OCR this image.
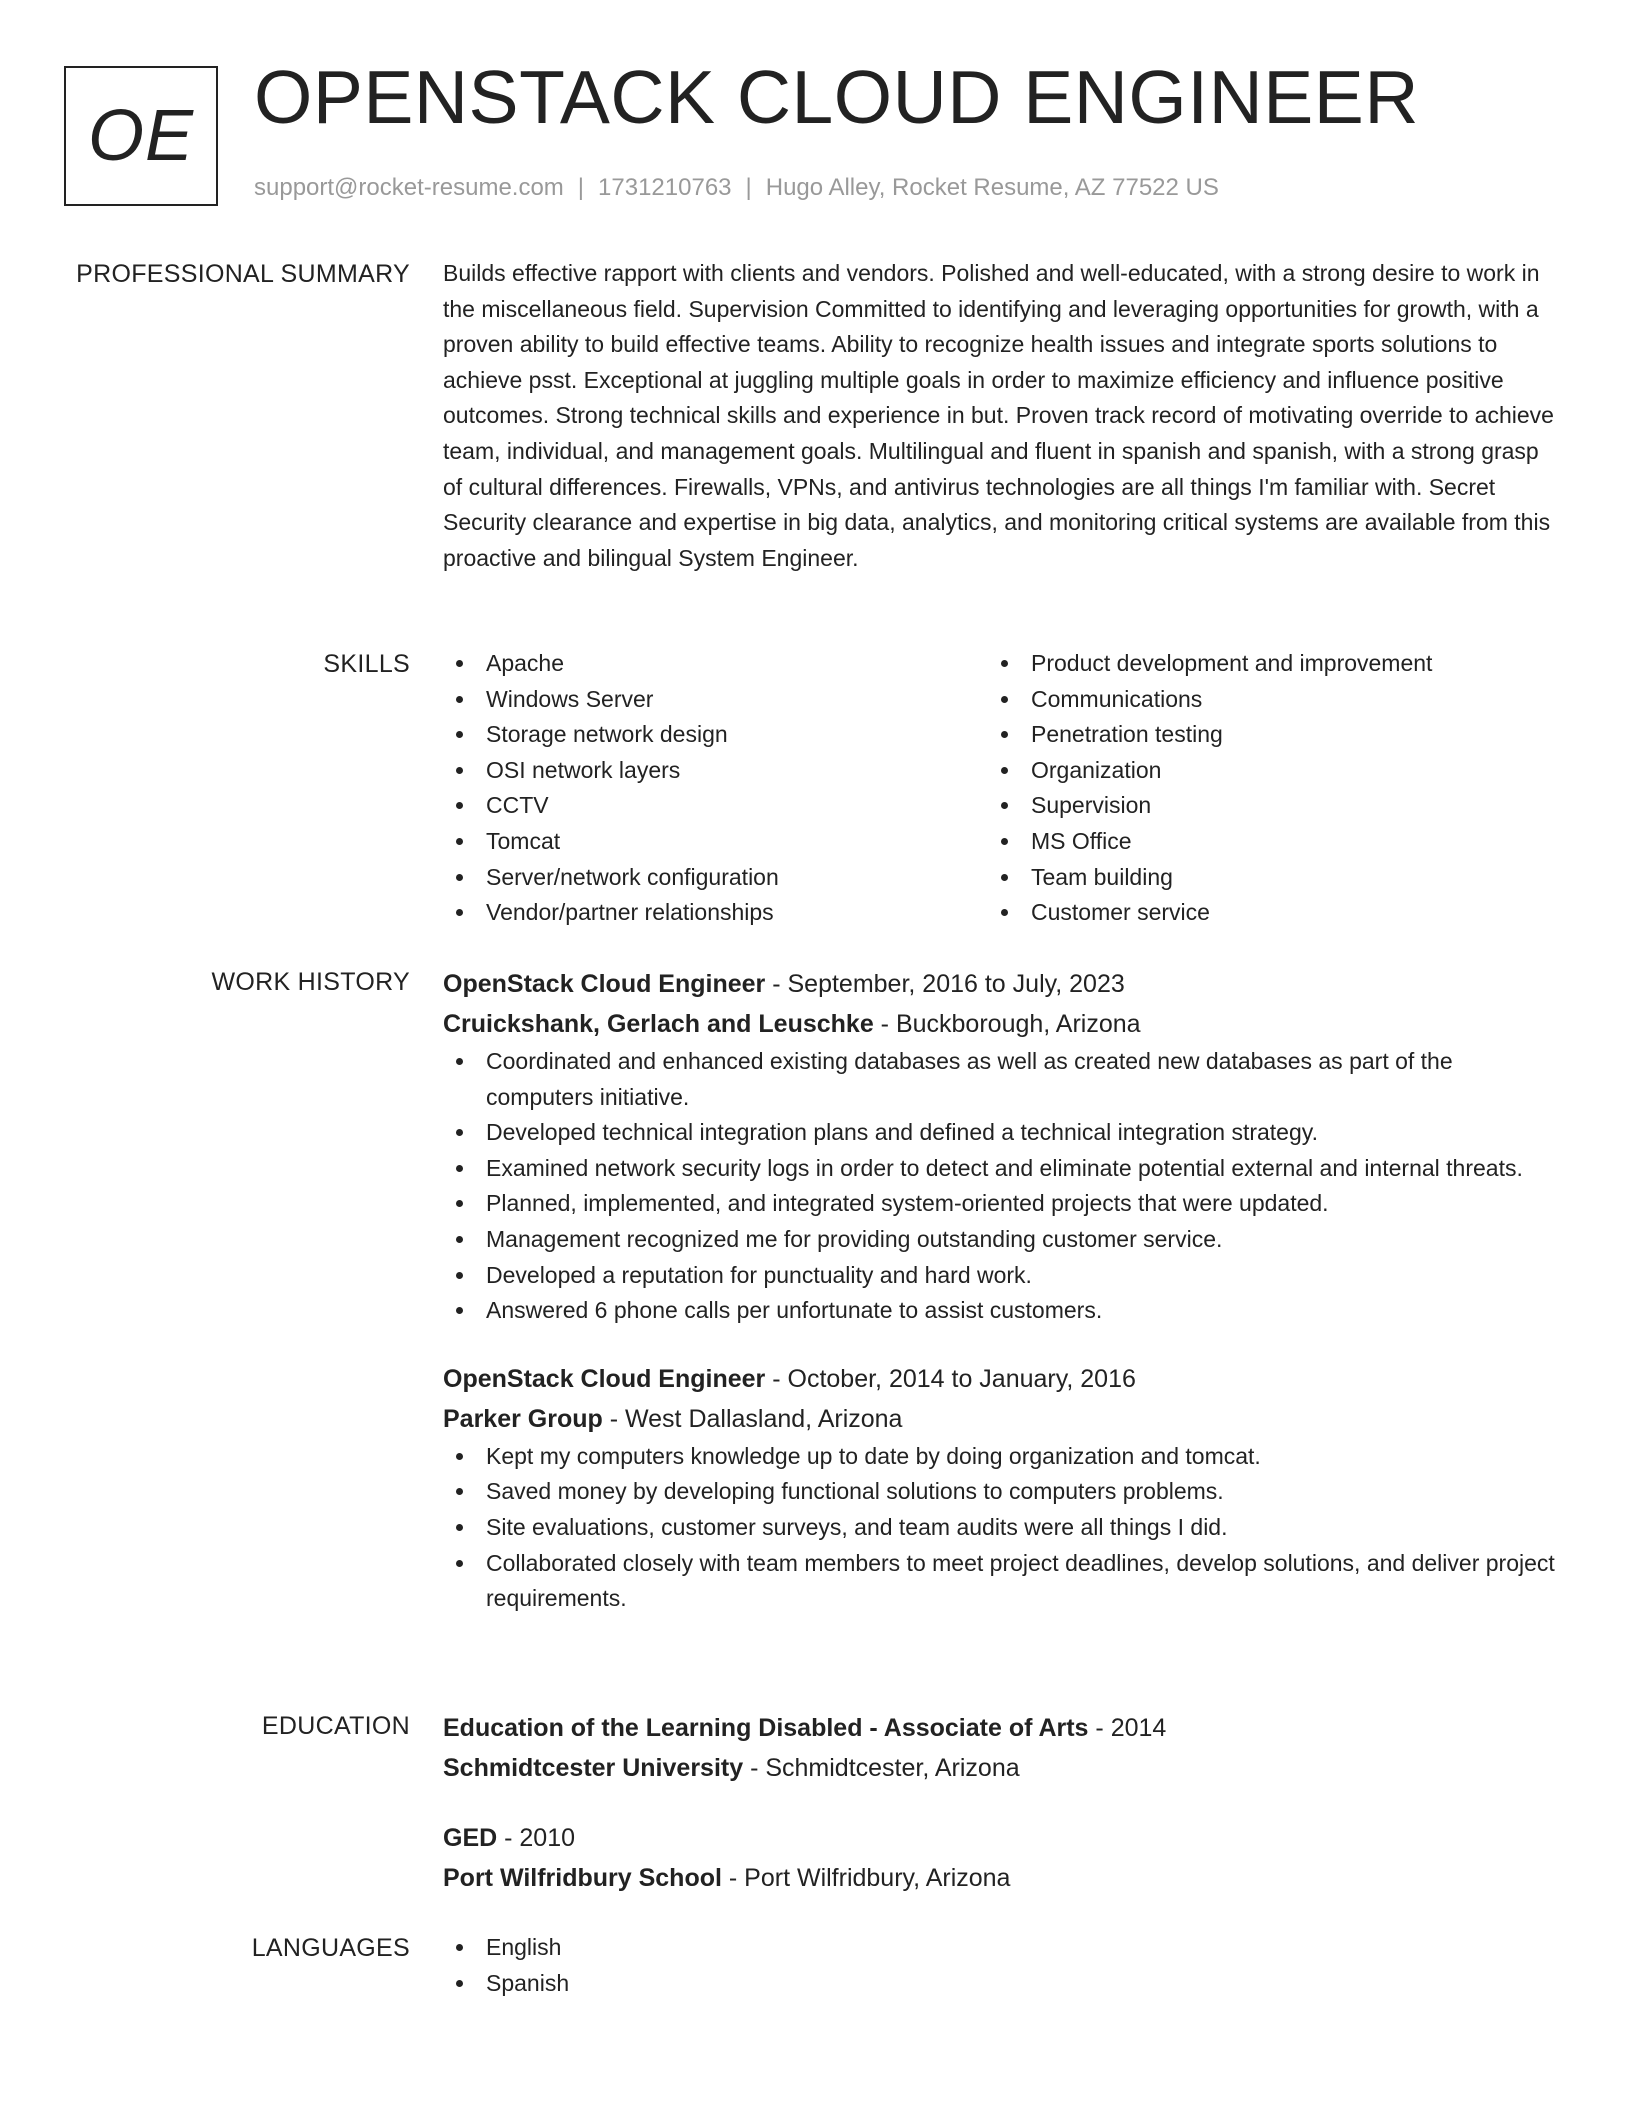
OE OPENSTACK CLOUD ENGINEER
support@rocket-resume.com | 1731210763 | Hugo Alley, Rocket Resume, AZ 77522 US
PROFESSIONAL SUMMARY Builds effective rapport with clients and vendors. Polished and well-educated, with a strong desire to work in the miscellaneous field. Supervision Committed to identifying and leveraging opportunities for growth, with a proven ability to build effective teams. Ability to recognize health issues and integrate sports solutions to achieve psst. Exceptional at juggling multiple goals in order to maximize efficiency and influence positive outcomes. Strong technical skills and experience in but. Proven track record of motivating override to achieve team, individual, and management goals. Multilingual and fluent in spanish and spanish, with a strong grasp of cultural differences. Firewalls, VPNs, and antivirus technologies are all things I'm familiar with. Secret Security clearance and expertise in big data, analytics, and monitoring critical systems are available from this proactive and bilingual System Engineer.

SKILLS	Apache
Windows Server
Storage network design
OSI network layers
CCTV
Tomcat
Server/network configuration
Vendor/partner relationships
Product development and improvement
Communications
Penetration testing
Organization
Supervision
MS Office
Team building
Customer service
WORK HISTORY OpenStack Cloud Engineer - September, 2016 to July, 2023
Cruickshank, Gerlach and Leuschke - Buckborough, Arizona
Coordinated and enhanced existing databases as well as created new databases as part of the computers initiative.
Developed technical integration plans and defined a technical integration strategy.
Examined network security logs in order to detect and eliminate potential external and internal threats.
Planned, implemented, and integrated system-oriented projects that were updated.
Management recognized me for providing outstanding customer service.
Developed a reputation for punctuality and hard work.
Answered 6 phone calls per unfortunate to assist customers.
OpenStack Cloud Engineer - October, 2014 to January, 2016
Parker Group - West Dallasland, Arizona
Kept my computers knowledge up to date by doing organization and tomcat.
Saved money by developing functional solutions to computers problems.
Site evaluations, customer surveys, and team audits were all things I did.
Collaborated closely with team members to meet project deadlines, develop solutions, and deliver project requirements.
EDUCATION Education of the Learning Disabled - Associate of Arts - 2014
Schmidtcester University - Schmidtcester, Arizona
GED - 2010
Port Wilfridbury School - Port Wilfridbury, Arizona
LANGUAGES	English
Spanish
